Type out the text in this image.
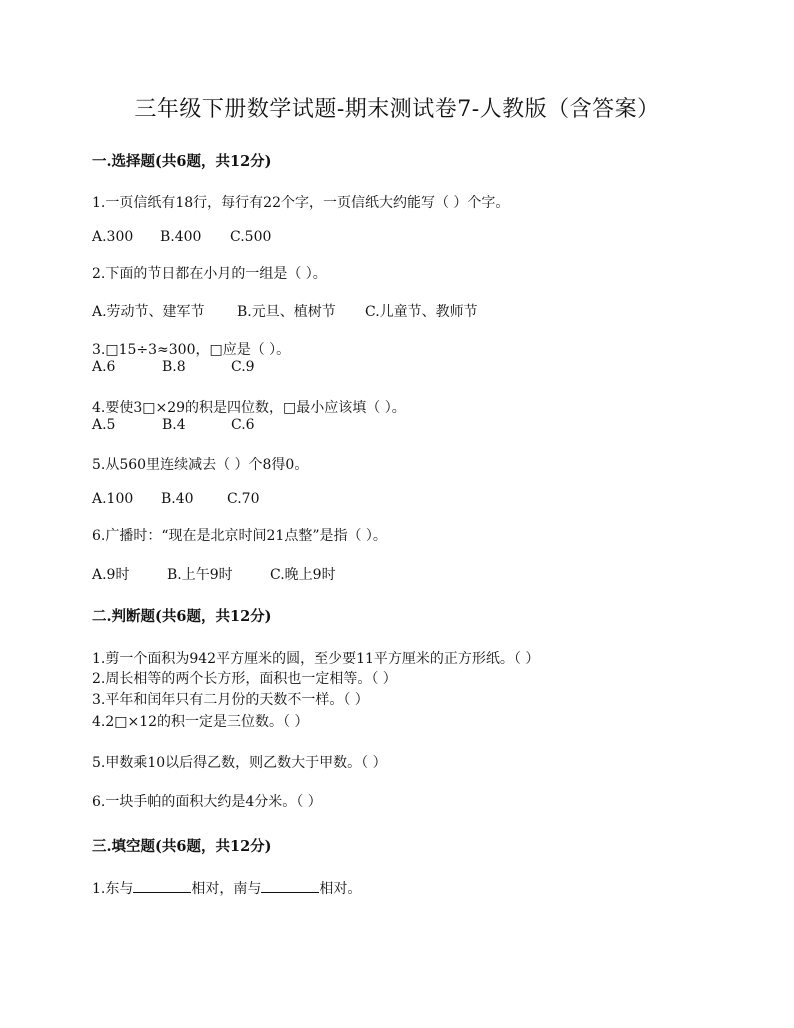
三年级下册数学试题-期末测试卷7-人教版（含答案）
一.选择题(共6题，共12分)
1.一页信纸有18行，每行有22个字，一页信纸大约能写（ ）个字。
A.300 B.400 C.500
2.下面的节日都在小月的一组是（ ）。
A.劳动节、建军节 B.元旦、植树节 C.儿童节、教师节
3.□15÷3≈300，□应是（ ）。
A.6	B.8	C.9
4.要使3□×29的积是四位数，□最小应该填（ ）。
A.5	B.4	C.6
5.从560里连续减去（ ）个8得0。
A.100 B.40 C.70
6.广播时：“现在是北京时间21点整”是指（ ）。
A.9时	B.上午9时	C.晚上9时
二.判断题(共6题，共12分)
1.剪一个面积为942平方厘米的圆，至少要11平方厘米的正方形纸。（ ）
2.周长相等的两个长方形，面积也一定相等。（ ）
3.平年和闰年只有二月份的天数不一样。（ ）
4.2□×12的积一定是三位数。（ ）
5.甲数乘10以后得乙数，则乙数大于甲数。（ ）
6.一块手帕的面积大约是4分米。（ ）
三.填空题(共6题，共12分)
1.东与	相对，南与	相对。
